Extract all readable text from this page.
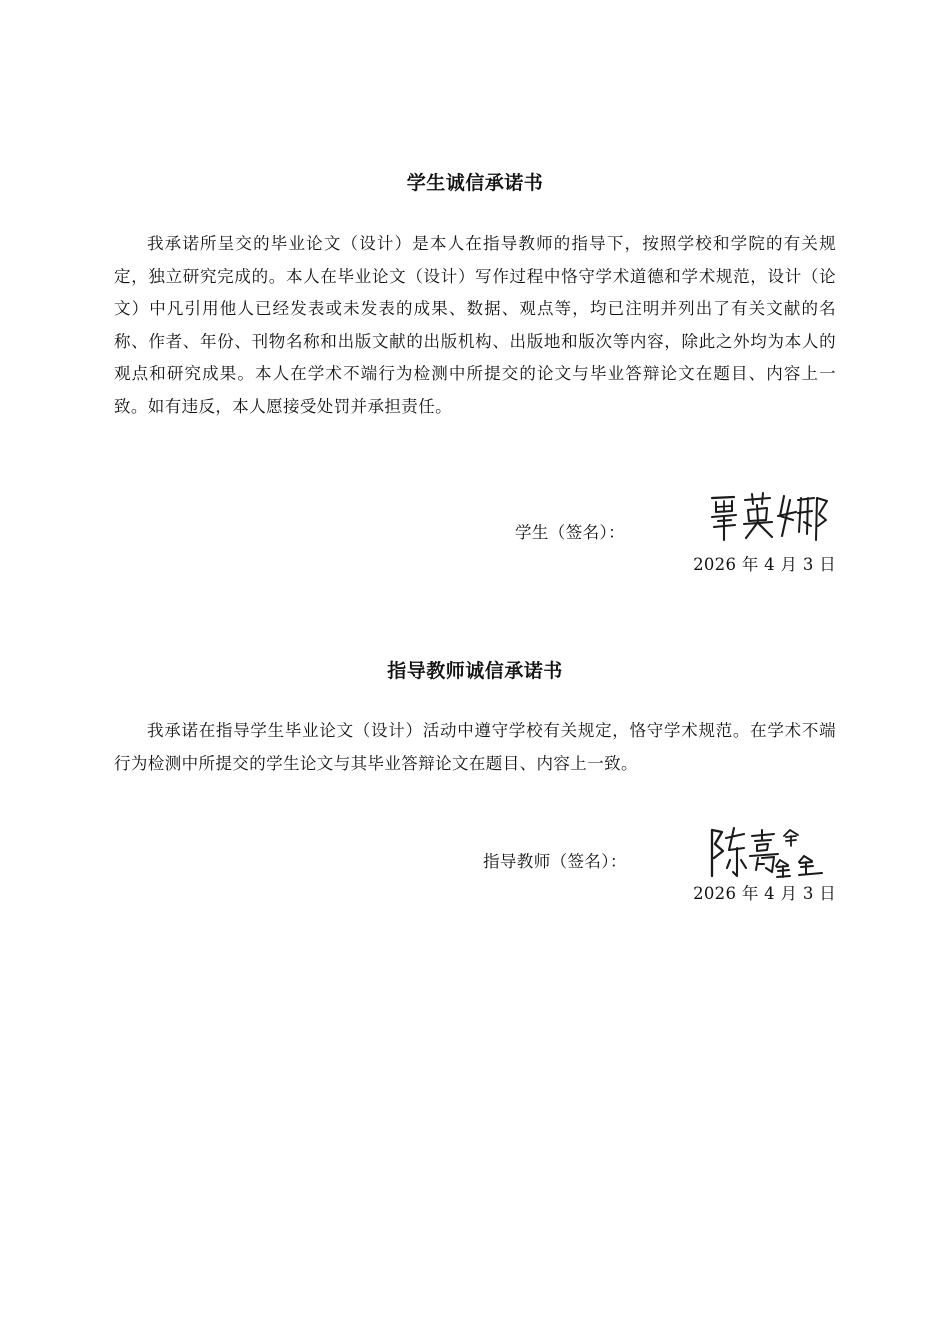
学生诚信承诺书

我承诺所呈交的毕业论文（设计）是本人在指导教师的指导下，按照学校和学院的有关规定，独立研究完成的。本人在毕业论文（设计）写作过程中恪守学术道德和学术规范，设计（论文）中凡引用他人已经发表或未发表的成果、数据、观点等，均已注明并列出了有关文献的名称、作者、年份、刊物名称和出版文献的出版机构、出版地和版次等内容，除此之外均为本人的观点和研究成果。本人在学术不端行为检测中所提交的论文与毕业答辩论文在题目、内容上一致。如有违反，本人愿接受处罚并承担责任。

学生（签名）：
2026 年 4 月 3 日
指导教师诚信承诺书

我承诺在指导学生毕业论文（设计）活动中遵守学校有关规定，恪守学术规范。在学术不端行为检测中所提交的学生论文与其毕业答辩论文在题目、内容上一致。

指导教师（签名）：
2026 年 4 月 3 日
